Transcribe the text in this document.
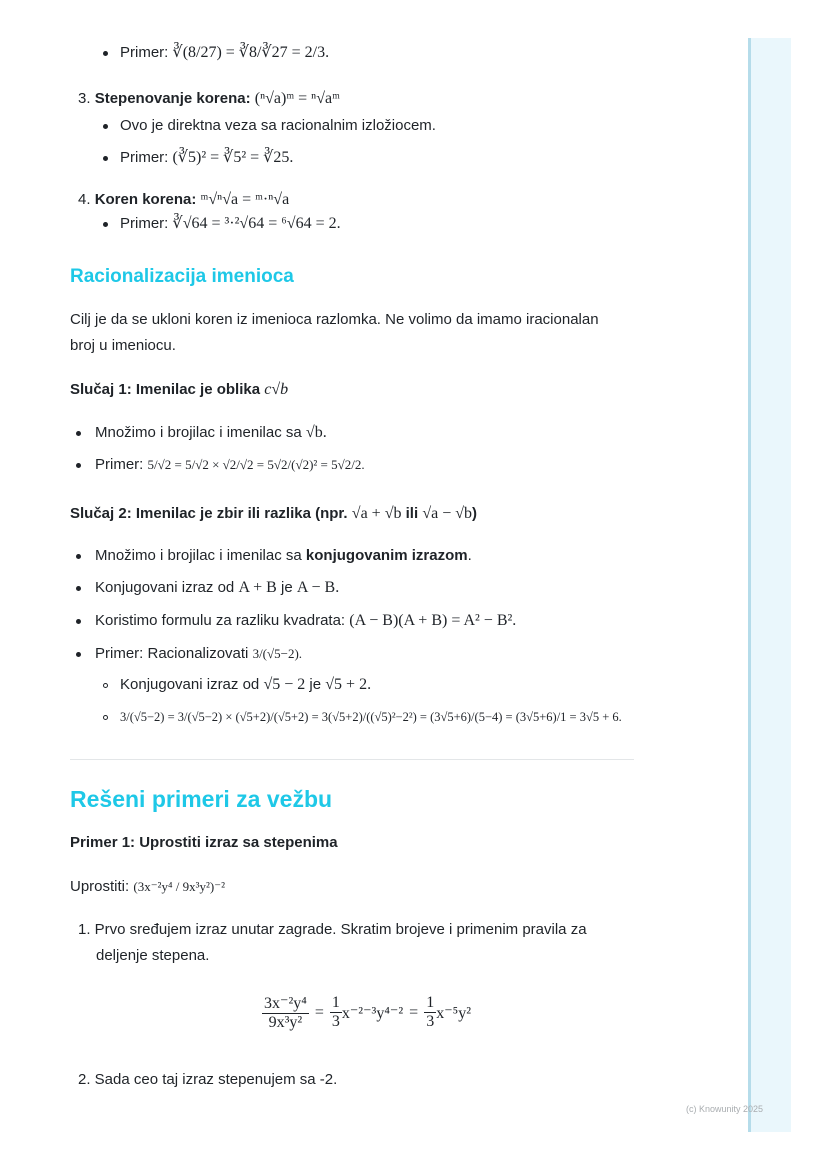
Primer: ∛(8/27) = ∛8/∛27 = 2/3.
3. Stepenovanje korena: (ⁿ√a)ᵐ = ⁿ√aᵐ
Ovo je direktna veza sa racionalnim izložiocem.
Primer: (∛5)² = ∛5² = ∛25.
4. Koren korena: ᵐ√ⁿ√a = ᵐ·ⁿ√a
Primer: ∛√64 = ³·²√64 = ⁶√64 = 2.
Racionalizacija imenioca
Cilj je da se ukloni koren iz imenioca razlomka. Ne volimo da imamo iracionalan
broj u imeniocu.
Slučaj 1: Imenilac je oblika c√b
Množimo i brojilac i imenilac sa √b.
Primer: 5/√2 = 5/√2 × √2/√2 = 5√2/(√2)² = 5√2/2.
Slučaj 2: Imenilac je zbir ili razlika (npr. √a + √b ili √a − √b)
Množimo i brojilac i imenilac sa konjugovanim izrazom.
Konjugovani izraz od A + B je A − B.
Koristimo formulu za razliku kvadrata: (A − B)(A + B) = A² − B².
Primer: Racionalizovati 3/(√5−2).
Konjugovani izraz od √5 − 2 je √5 + 2.
3/(√5−2) = 3/(√5−2) × (√5+2)/(√5+2) = 3(√5+2)/((√5)²−2²) = (3√5+6)/(5−4) = (3√5+6)/1 = 3√5 + 6.
Rešeni primeri za vežbu
Primer 1: Uprostiti izraz sa stepenima
Uprostiti: (3x⁻²y⁴ / 9x³y²)⁻²
1. Prvo sređujem izraz unutar zagrade. Skratim brojeve i primenim pravila za
deljenje stepena.
$\frac{\text{3x⁻²y⁴}}{\text{9x³y²}} = \frac{1}{3} x^{-2-3}y^{4-2} = \frac{1}{3} x^{-5}y^2$
2. Sada ceo taj izraz stepenujem sa -2.
(c) Knowunity 2025
